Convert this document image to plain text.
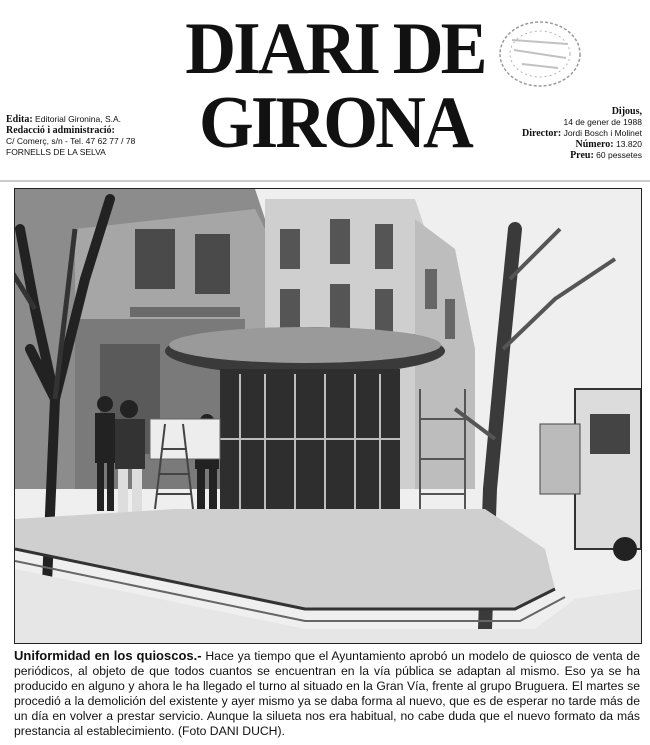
DIARI DE
GIRONA
Edita: Editorial Gironina, S.A.
Redacció i administració:
C/ Comerç, s/n - Tel. 47 62 77 / 78
FORNELLS DE LA SELVA
Dijous,
14 de gener de 1988
Director: Jordi Bosch i Molinet
Número: 13.820
Preu: 60 pessetes
Uniformidad en los quioscos.- Hace ya tiempo que el Ayuntamiento aprobó un modelo de quiosco de venta de periódicos, al objeto de que todos cuantos se encuentran en la vía pública se adaptan al mismo. Eso ya se ha producido en alguno y ahora le ha llegado el turno al situado en la Gran Vía, frente al grupo Bruguera. El martes se procedió a la demolición del existente y ayer mismo ya se daba forma al nuevo, que es de esperar no tarde más de un día en volver a prestar servicio. Aunque la silueta nos era habitual, no cabe duda que el nuevo formato da más prestancia al establecimiento. (Foto DANI DUCH).
